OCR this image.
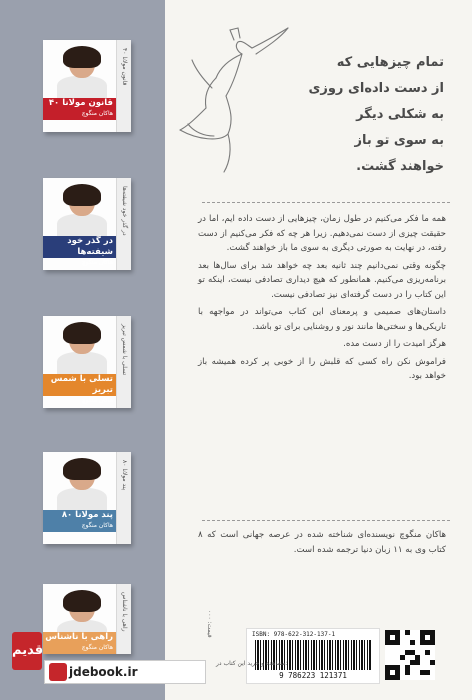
۴۰ قانون مولانا
هاکان منگوچ
۴۰ قانون مولانا
در گذر خود شیفته‌ها
هاکان منگوچ
در گذر خود شیفته‌ها
تسلی با شمس تبریز
هاکان منگوچ
تسلی با شمس تبریز
۸۰ پند مولانا
هاکان منگوچ
۸۰ پند مولانا
راهی با ناشناس
هاکان منگوچ
راهی با ناشناس
تمام چیزهایی که
از دست داده‌ای روزی
به شکلی دیگر
به سوی تو باز
خواهند گشت.

همه ما فکر می‌کنیم در طول زمان، چیزهایی از دست داده ایم، اما در حقیقت چیزی از دست نمی‌دهیم. زیرا هر چه که فکر می‌کنیم از دست رفته، در نهایت به صورتی دیگری به سوی ما باز خواهند گشت.

چگونه وقتی نمی‌دانیم چند ثانیه بعد چه خواهد شد برای سال‌ها بعد برنامه‌ریزی می‌کنیم. همانطور که هیچ دیداری تصادفی نیست، اینکه تو این کتاب را در دست گرفته‌ای نیز تصادفی نیست.

داستان‌های صمیمی و پرمعنای این کتاب می‌تواند در مواجهه با تاریکی‌ها و سختی‌ها مانند نور و روشنایی برای تو باشد.

هرگز امیدت را از دست مده.

فراموش نکن راه کسی که قلبش را از خوبی پر کرده همیشه باز خواهد بود.

هاکان منگوچ نویسنده‌ای شناخته شده در عرصه جهانی است که ۸ کتاب وی به ۱۱ زبان دنیا ترجمه شده است.

قیمت: ۰۰۰	ISBN: 978-622-312-137-1
9 786223 121371
قدیم
jdebook.ir
مشاهده و خرید این کتاب در:
